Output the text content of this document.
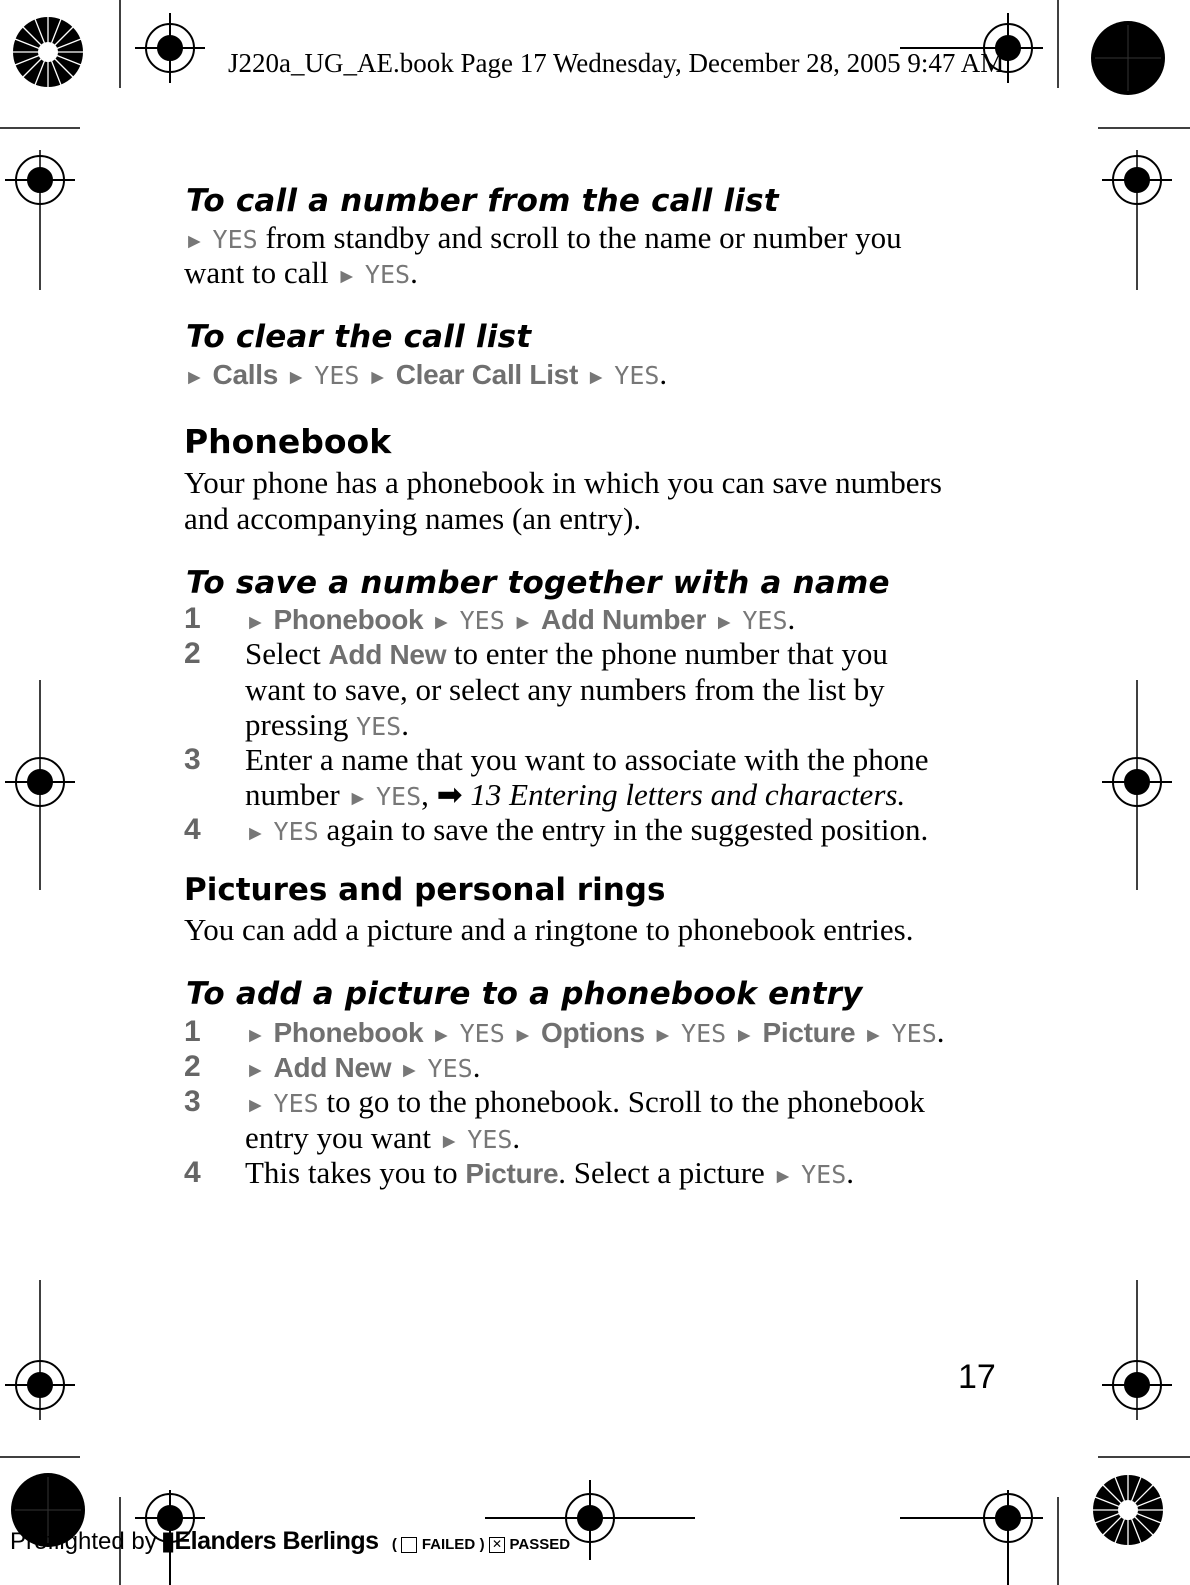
J220a_UG_AE.book Page 17 Wednesday, December 28, 2005 9:47 AM
To call a number from the call list
► YES from standby and scroll to the name or number you
want to call ► YES.
To clear the call list
► Calls ► YES ► Clear Call List ► YES.
Phonebook
Your phone has a phonebook in which you can save numbers
and accompanying names (an entry).
To save a number together with a name
1	► Phonebook ► YES ► Add Number ► YES.
2	Select Add New to enter the phone number that you
want to save, or select any numbers from the list by
pressing YES.
3	Enter a name that you want to associate with the phone
number ► YES, ➡ 13 Entering letters and characters.
4	► YES again to save the entry in the suggested position.
Pictures and personal rings
You can add a picture and a ringtone to phonebook entries.
To add a picture to a phonebook entry
1	► Phonebook ► YES ► Options ► YES ► Picture ► YES.
2	► Add New ► YES.
3	► YES to go to the phonebook. Scroll to the phonebook
entry you want ► YES.
4	This takes you to Picture. Select a picture ► YES.
17
Preflighted by ▮Elanders Berlings ( FAILED ) ✕ PASSED
